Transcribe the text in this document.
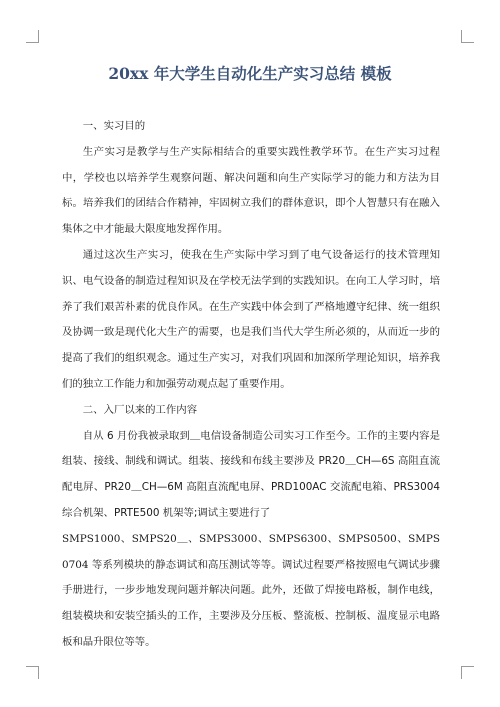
20xx 年大学生自动化生产实习总结 模板

一、实习目的

生产实习是教学与生产实际相结合的重要实践性教学环节。在生产实习过程中，学校也以培养学生观察问题、解决问题和向生产实际学习的能力和方法为目标。培养我们的团结合作精神，牢固树立我们的群体意识，即个人智慧只有在融入集体之中才能最大限度地发挥作用。

通过这次生产实习，使我在生产实际中学习到了电气设备运行的技术管理知识、电气设备的制造过程知识及在学校无法学到的实践知识。在向工人学习时，培养了我们艰苦朴素的优良作风。在生产实践中体会到了严格地遵守纪律、统一组织及协调一致是现代化大生产的需要，也是我们当代大学生所必须的，从而近一步的提高了我们的组织观念。通过生产实习，对我们巩固和加深所学理论知识，培养我们的独立工作能力和加强劳动观点起了重要作用。

二、入厂以来的工作内容

自从 6 月份我被录取到＿电信设备制造公司实习工作至今。工作的主要内容是组装、接线、制线和调试。组装、接线和布线主要涉及 PR20＿CH—6S 高阻直流配电屏、PR20＿CH—6M 高阻直流配电屏、PRD100AC 交流配电箱、PRS3004 综合机架、PRTE500 机架等;调试主要进行了

SMPS1000、SMPS20＿、SMPS3000、SMPS6300、SMPS0500、SMPS0704 等系列模块的静态调试和高压测试等等。调试过程要严格按照电气调试步骤手册进行，一步步地发现问题并解决问题。此外，还做了焊接电路板，制作电线，组装模块和安装空插头的工作，主要涉及分压板、整流板、控制板、温度显示电路板和晶升限位等等。
